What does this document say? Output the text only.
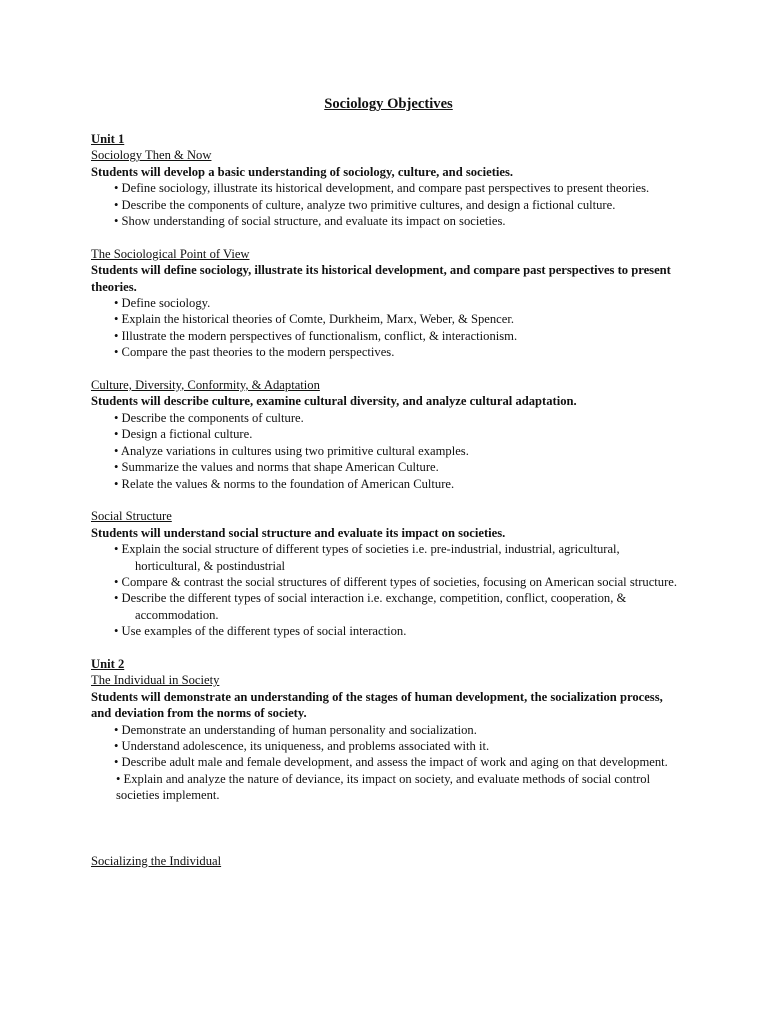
Sociology Objectives
Unit 1
Sociology Then & Now
Students will develop a basic understanding of sociology, culture, and societies.
• Define sociology, illustrate its historical development, and compare past perspectives to present theories.
• Describe the components of culture, analyze two primitive cultures, and design a fictional culture.
• Show understanding of social structure, and evaluate its impact on societies.
The Sociological Point of View
Students will define sociology, illustrate its historical development, and compare past perspectives to present theories.
• Define sociology.
• Explain the historical theories of Comte, Durkheim, Marx, Weber, & Spencer.
• Illustrate the modern perspectives of functionalism, conflict, & interactionism.
• Compare the past theories to the modern perspectives.
Culture, Diversity, Conformity, & Adaptation
Students will describe culture, examine cultural diversity, and analyze cultural adaptation.
• Describe the components of culture.
• Design a fictional culture.
• Analyze variations in cultures using two primitive cultural examples.
• Summarize the values and norms that shape American Culture.
• Relate the values & norms to the foundation of American Culture.
Social Structure
Students will understand social structure and evaluate its impact on societies.
• Explain the social structure of different types of societies i.e. pre-industrial, industrial, agricultural, horticultural, & postindustrial
• Compare & contrast the social structures of different types of societies, focusing on American social structure.
• Describe the different types of social interaction i.e. exchange, competition, conflict, cooperation, & accommodation.
• Use examples of the different types of social interaction.
Unit 2
The Individual in Society
Students will demonstrate an understanding of the stages of human development, the socialization process, and deviation from the norms of society.
• Demonstrate an understanding of human personality and socialization.
• Understand adolescence, its uniqueness, and problems associated with it.
• Describe adult male and female development, and assess the impact of work and aging on that development.
• Explain and analyze the nature of deviance, its impact on society, and evaluate methods of social control societies implement.
Socializing the Individual
